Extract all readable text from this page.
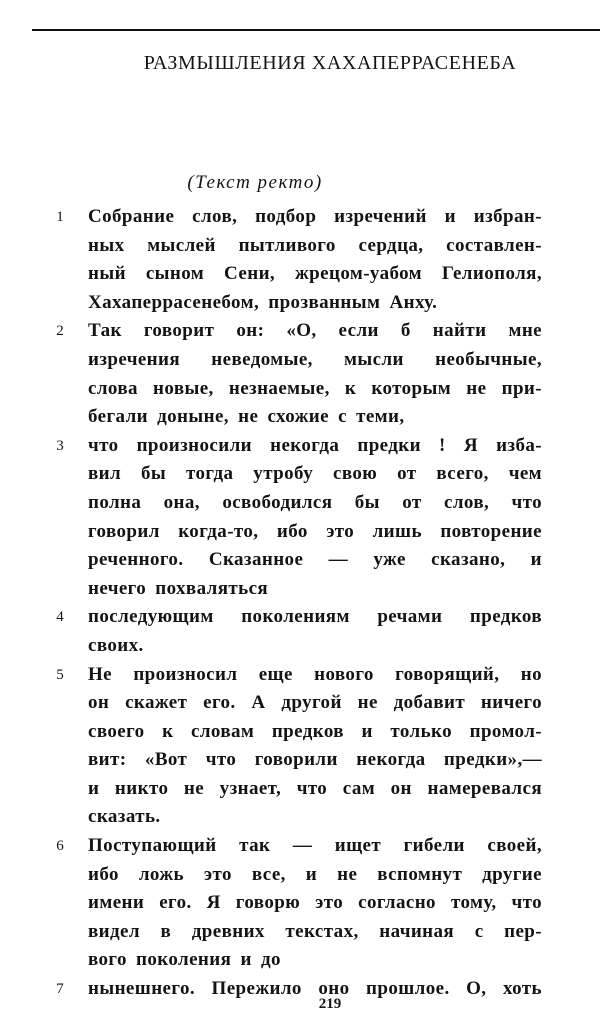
РАЗМЫШЛЕНИЯ ХАХАПЕРРАСЕНЕБА
(Текст ректо)
1 Собрание слов, подбор изречений и избран-
ных мыслей пытливого сердца, составлен-
ный сыном Сени, жрецом-уабом Гелиополя,
Хахаперрасенебом, прозванным Анху.
2 Так говорит он: «О, если б найти мне
изречения неведомые, мысли необычные,
слова новые, незнаемые, к которым не при-
бегали доныне, не схожие с теми,
3 что произносили некогда предки ! Я изба-
вил бы тогда утробу свою от всего, чем
полна она, освободился бы от слов, что
говорил когда-то, ибо это лишь повторение
реченного. Сказанное — уже сказано, и
нечего похваляться
4 последующим поколениям речами предков
своих.
5 Не произносил еще нового говорящий, но
он скажет его. А другой не добавит ничего
своего к словам предков и только промол-
вит: «Вот что говорили некогда предки»,—
и никто не узнает, что сам он намеревался
сказать.
6 Поступающий так — ищет гибели своей,
ибо ложь это все, и не вспомнут другие
имени его. Я говорю это согласно тому, что
видел в древних текстах, начиная с пер-
вого поколения и до
7 нынешнего. Пережило оно прошлое. О, хоть
219
